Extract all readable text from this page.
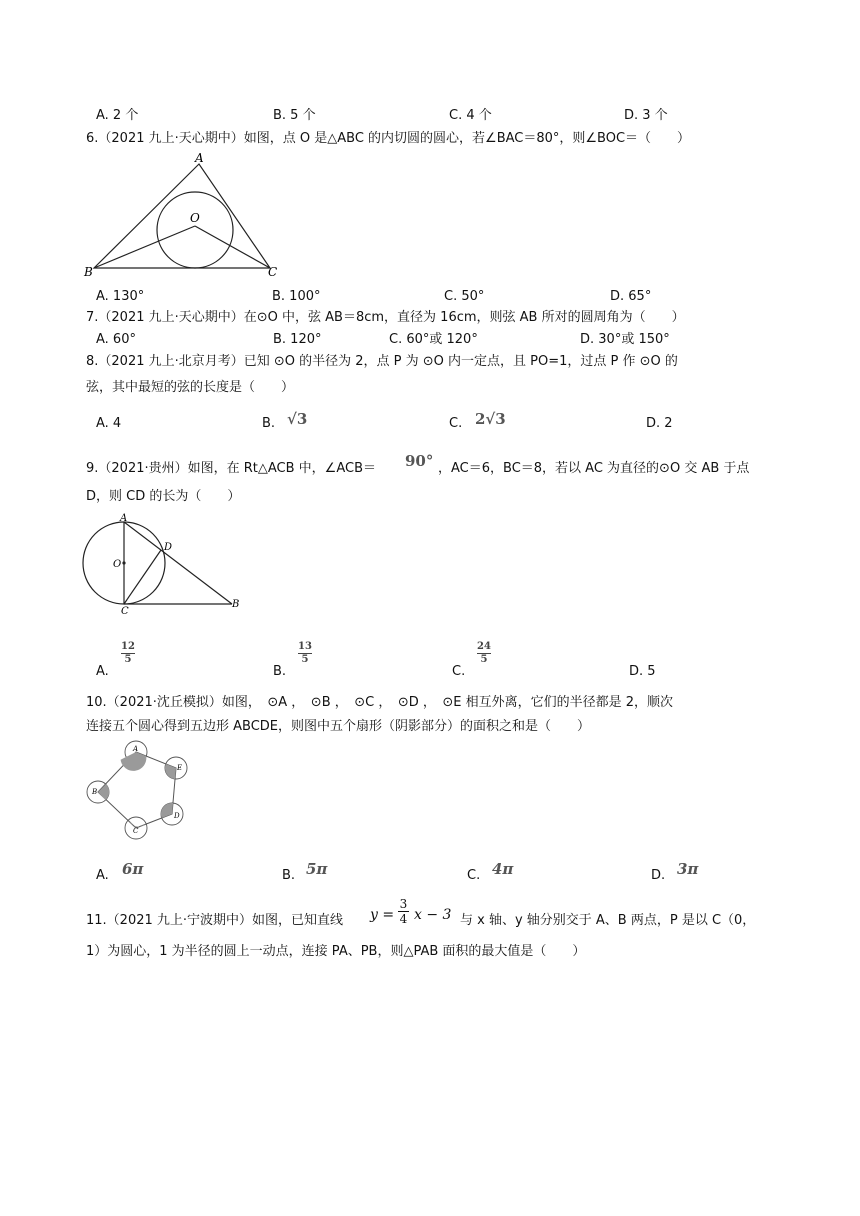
A. 2 个	B. 5 个	C. 4 个	D. 3 个
6.（2021 九上·天心期中）如图，点 O 是△ABC 的内切圆的圆心，若∠BAC＝80°，则∠BOC＝（　　）
A
O
B	C
A. 130°	B. 100°	C. 50°	D. 65°
7.（2021 九上·天心期中）在⊙O 中，弦 AB＝8cm，直径为 16cm，则弦 AB 所对的圆周角为（　　）
A. 60°	B. 120°	C. 60°或 120°	D. 30°或 150°
8.（2021 九上·北京月考）已知 ⊙O 的半径为 2，点 P 为 ⊙O 内一定点，且 PO=1，过点 P 作 ⊙O 的
弦，其中最短的弦的长度是（　　）
A. 4	B. √3	C. 2√3	D. 2
9.（2021·贵州）如图，在 Rt△ACB 中，∠ACB＝ 90° ，AC＝6，BC＝8，若以 AC 为直径的⊙O 交 AB 于点
D，则 CD 的长为（　　）
A
D
O
C
B
A.
12
5
B.
13
5
C.
24
5
D. 5
10.（2021·沈丘模拟）如图，　⊙A ，　⊙B ，　⊙C ，　⊙D ，　⊙E 相互外离，它们的半径都是 2，顺次
连接五个圆心得到五边形 ABCDE，则图中五个扇形（阴影部分）的面积之和是（　　）
A
E
B
D
C
A. 6π	B. 5π	C. 4π	D. 3π
11.（2021 九上·宁波期中）如图，已知直线 y =
3
4 x − 3 与 x 轴、y 轴分别交于 A、B 两点，P 是以 C（0，
1）为圆心，1 为半径的圆上一动点，连接 PA、PB，则△PAB 面积的最大值是（　　）
